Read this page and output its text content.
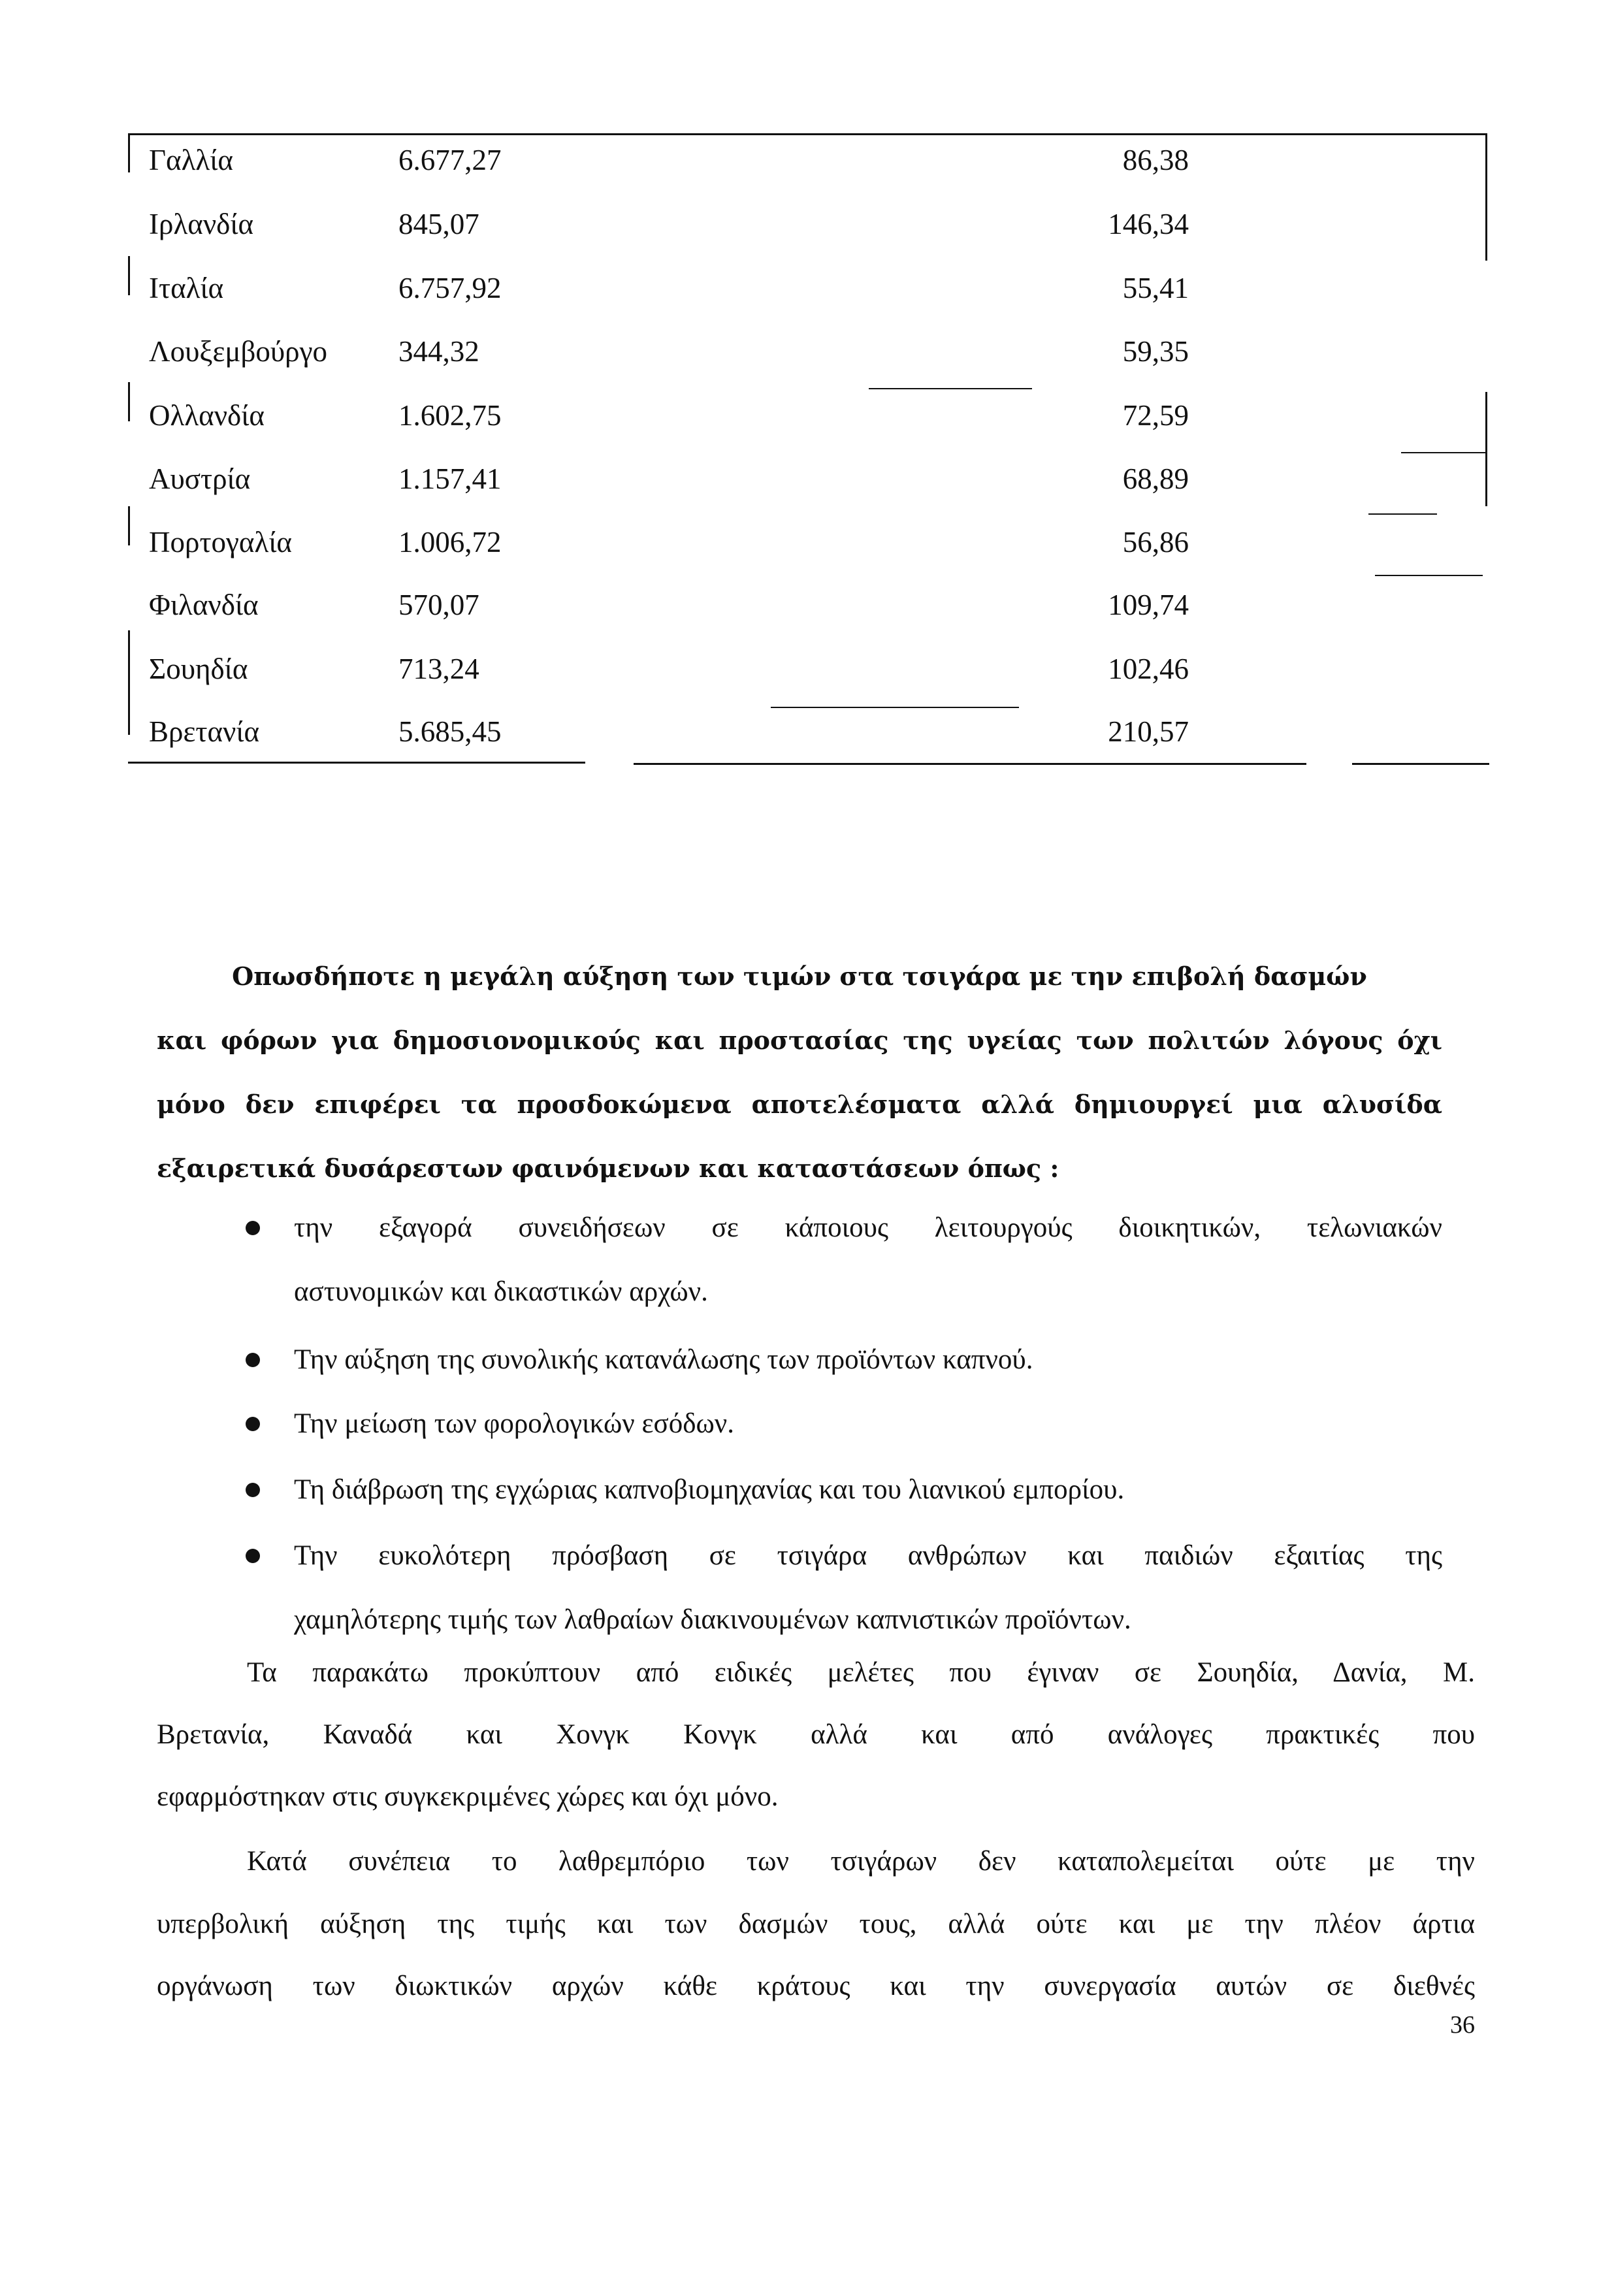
Γαλλία	6.677,27	86,38
Ιρλανδία	845,07	146,34
Ιταλία	6.757,92	55,41
Λουξεμβούργο 344,32	59,35
Ολλανδία	1.602,75	72,59
Αυστρία	1.157,41	68,89
Πορτογαλία	1.006,72	56,86
Φιλανδία	570,07	109,74
Σουηδία	713,24	102,46
Βρετανία	5.685,45	210,57
Οπωσδήποτε η μεγάλη αύξηση των τιμών στα τσιγάρα με την επιβολή δασμών
και φόρων για δημοσιονομικούς και προστασίας της υγείας των πολιτών λόγους όχι
μόνο δεν επιφέρει τα προσδοκώμενα αποτελέσματα αλλά δημιουργεί μια αλυσίδα
εξαιρετικά δυσάρεστων φαινόμενων και καταστάσεων όπως :
την εξαγορά συνειδήσεων σε κάποιους λειτουργούς διοικητικών, τελωνιακών
αστυνομικών και δικαστικών αρχών.
Την αύξηση της συνολικής κατανάλωσης των προϊόντων καπνού.
Την μείωση των φορολογικών εσόδων.
Τη διάβρωση της εγχώριας καπνοβιομηχανίας και του λιανικού εμπορίου.
Την ευκολότερη πρόσβαση σε τσιγάρα ανθρώπων και παιδιών εξαιτίας της
χαμηλότερης τιμής των λαθραίων διακινουμένων καπνιστικών προϊόντων.
Τα παρακάτω προκύπτουν από ειδικές μελέτες που έγιναν σε Σουηδία, Δανία, Μ.
Βρετανία, Καναδά και Χονγκ Κονγκ αλλά και από ανάλογες πρακτικές που
εφαρμόστηκαν στις συγκεκριμένες χώρες και όχι μόνο.
Κατά συνέπεια το λαθρεμπόριο των τσιγάρων δεν καταπολεμείται ούτε με την
υπερβολική αύξηση της τιμής και των δασμών τους, αλλά ούτε και με την πλέον άρτια
οργάνωση των διωκτικών αρχών κάθε κράτους και την συνεργασία αυτών σε διεθνές
36
